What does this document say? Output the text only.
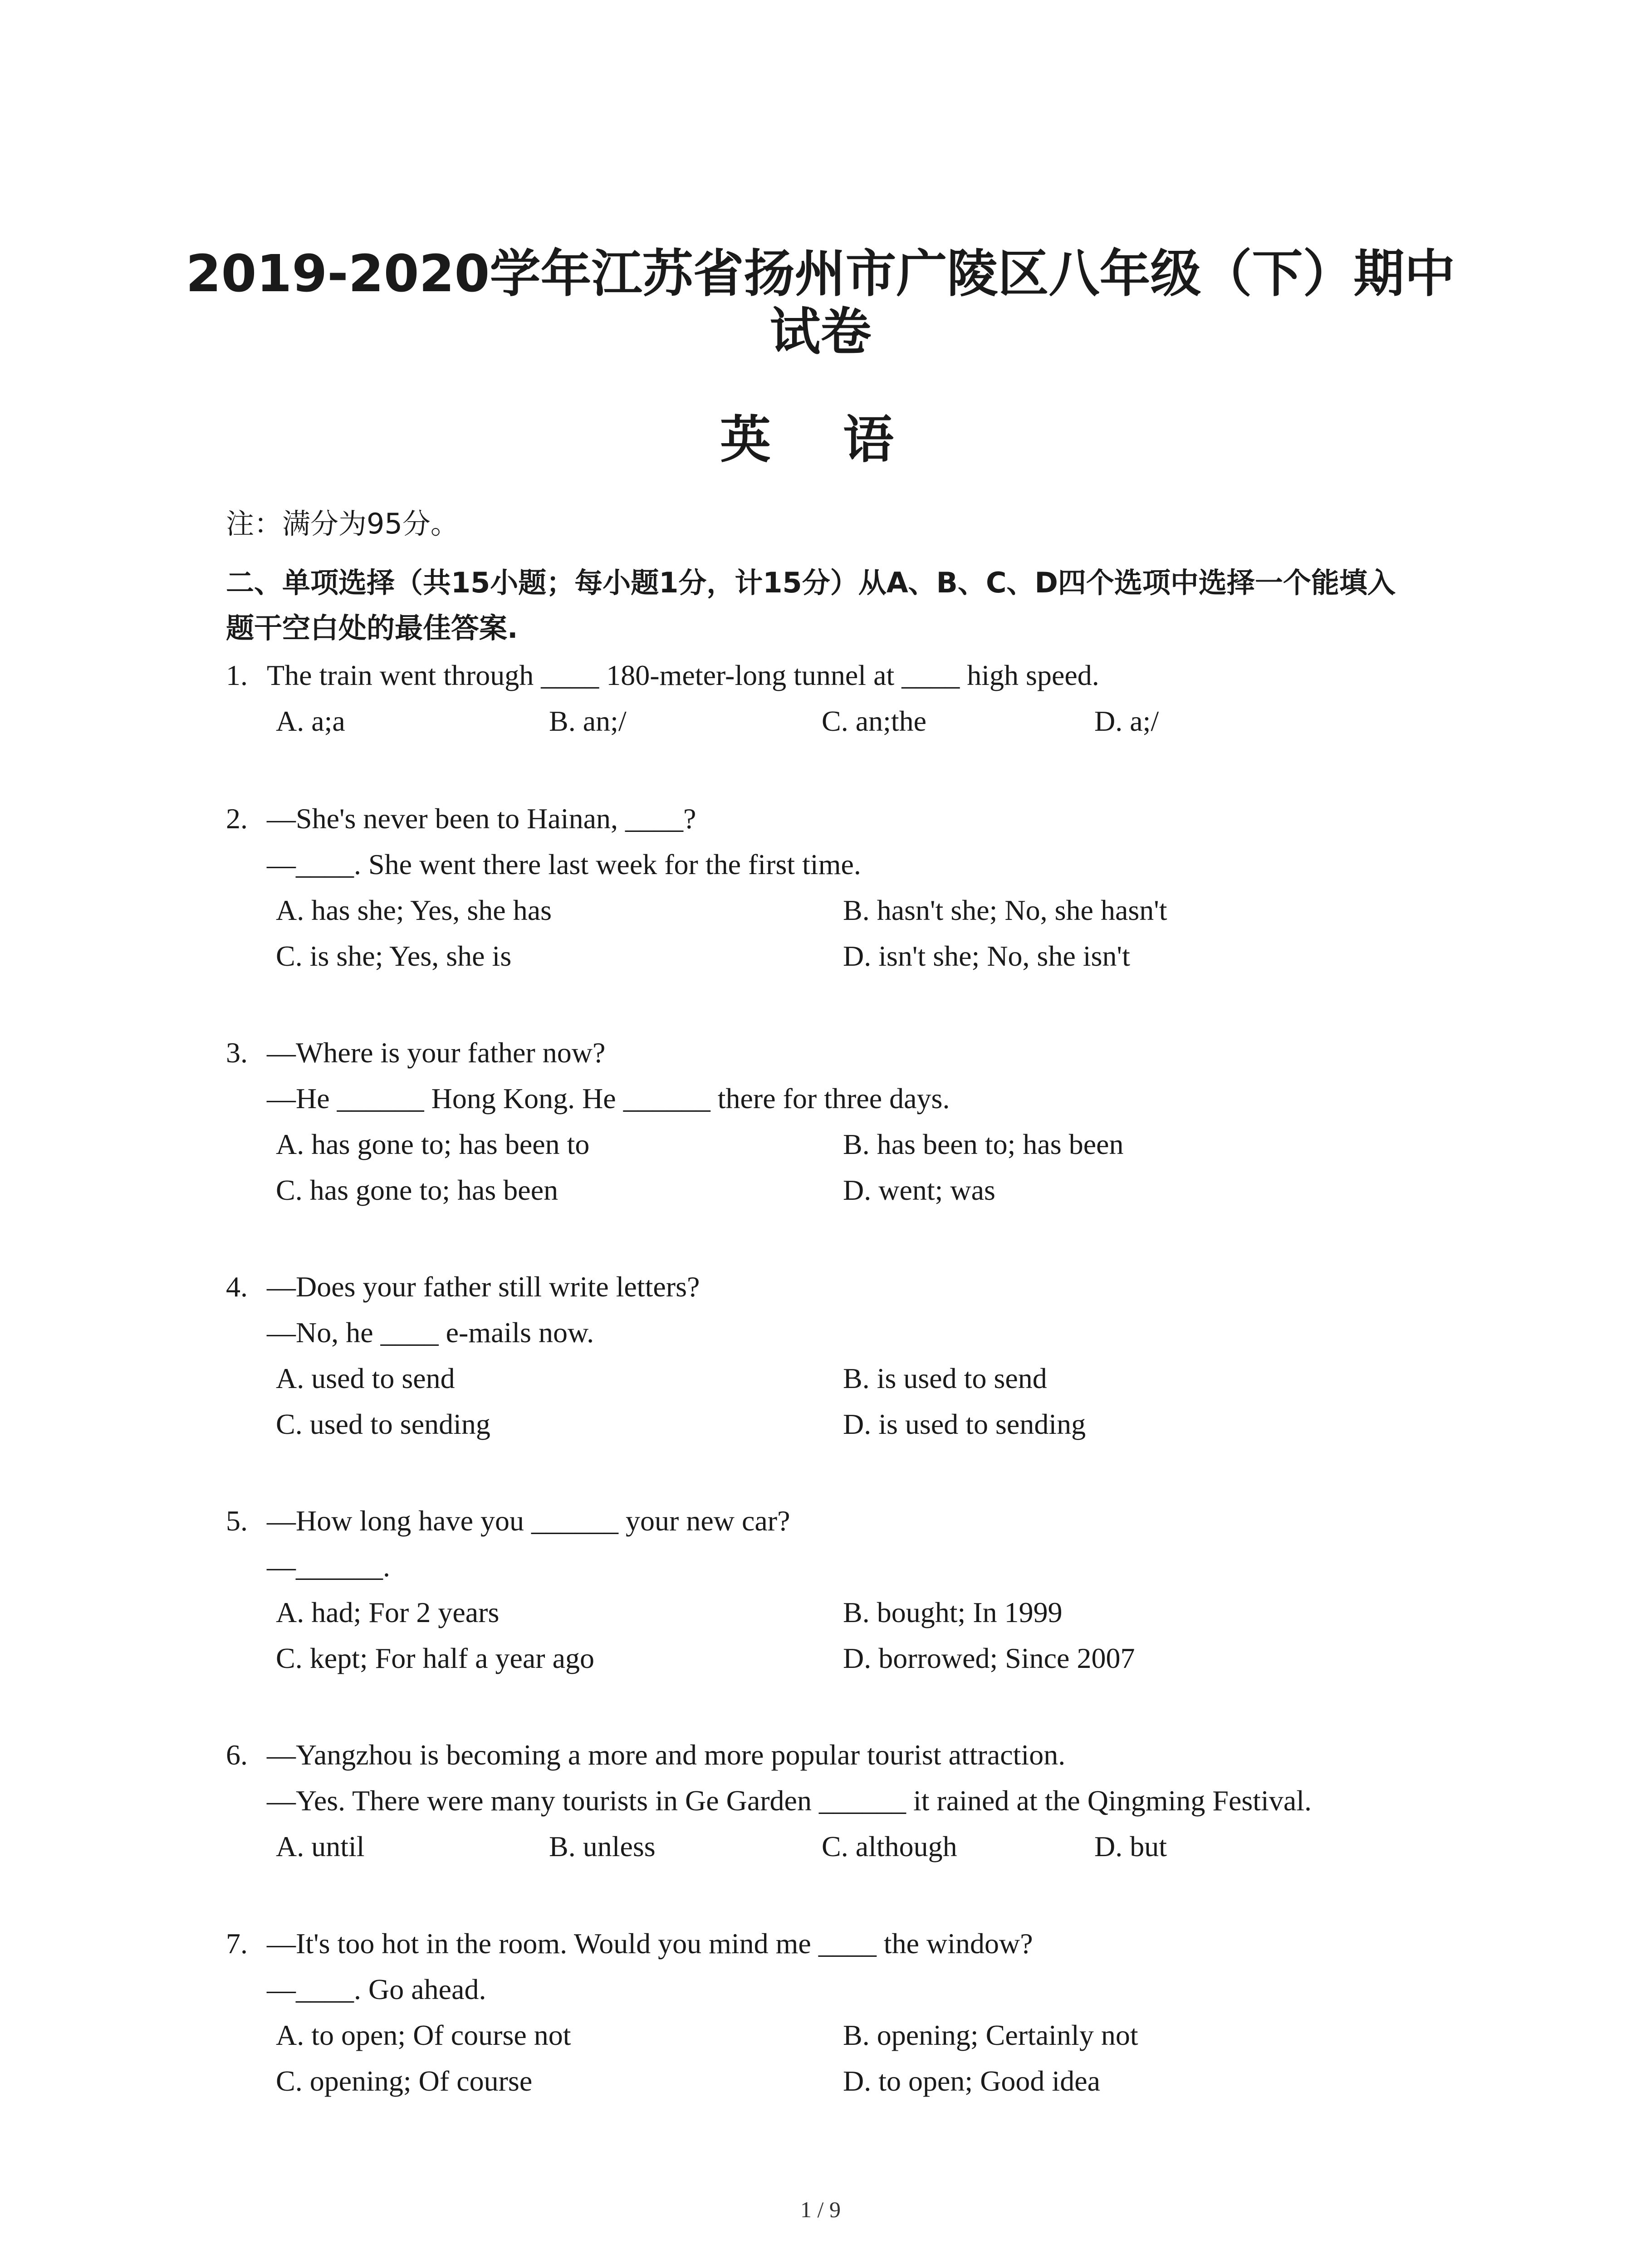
2019-2020学年江苏省扬州市广陵区八年级（下）期中
试卷
英 语

注：满分为95分。

二、单项选择（共15小题；每小题1分，计15分）从A、B、C、D四个选项中选择一个能填入

题干空白处的最佳答案.

1. The train went through ____ 180-meter-long tunnel at ____ high speed.
A. a;a	B. an;/	C. an;the	D. a;/
2. —She's never been to Hainan, ____?
—____. She went there last week for the first time.
A. has she; Yes, she has	B. hasn't she; No, she hasn't
C. is she; Yes, she is	D. isn't she; No, she isn't
3. —Where is your father now?
—He ______ Hong Kong. He ______ there for three days.
A. has gone to; has been to	B. has been to; has been
C. has gone to; has been	D. went; was
4. —Does your father still write letters?
—No, he ____ e-mails now.
A. used to send	B. is used to send
C. used to sending	D. is used to sending
5. —How long have you ______ your new car?
—______.
A. had; For 2 years	B. bought; In 1999
C. kept; For half a year ago	D. borrowed; Since 2007
6. —Yangzhou is becoming a more and more popular tourist attraction.
—Yes. There were many tourists in Ge Garden ______ it rained at the Qingming Festival.
A. until	B. unless	C. although	D. but
7. —It's too hot in the room. Would you mind me ____ the window?
—____. Go ahead.
A. to open; Of course not	B. opening; Certainly not
C. opening; Of course	D. to open; Good idea
1 / 9
